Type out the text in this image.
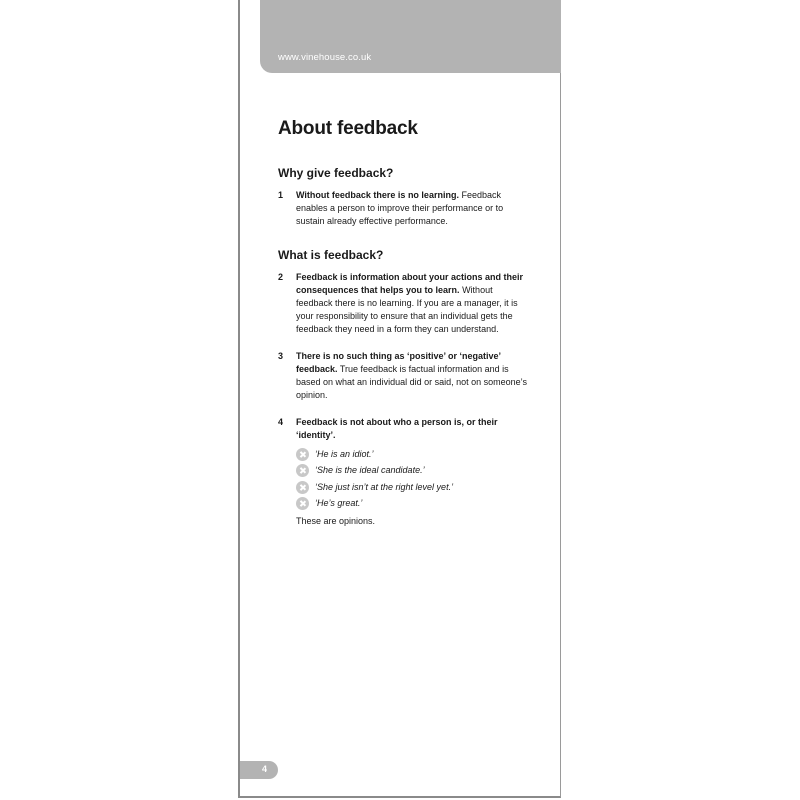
www.vinehouse.co.uk
About feedback
Why give feedback?
1 Without feedback there is no learning. Feedback enables a person to improve their performance or to sustain already effective performance.
What is feedback?
2 Feedback is information about your actions and their consequences that helps you to learn. Without feedback there is no learning. If you are a manager, it is your responsibility to ensure that an individual gets the feedback they need in a form they can understand.
3 There is no such thing as ‘positive’ or ‘negative’ feedback. True feedback is factual information and is based on what an individual did or said, not on someone’s opinion.
4 Feedback is not about who a person is, or their ‘identity’.
‘He is an idiot.’
‘She is the ideal candidate.’
‘She just isn’t at the right level yet.’
‘He’s great.’
These are opinions.
4
